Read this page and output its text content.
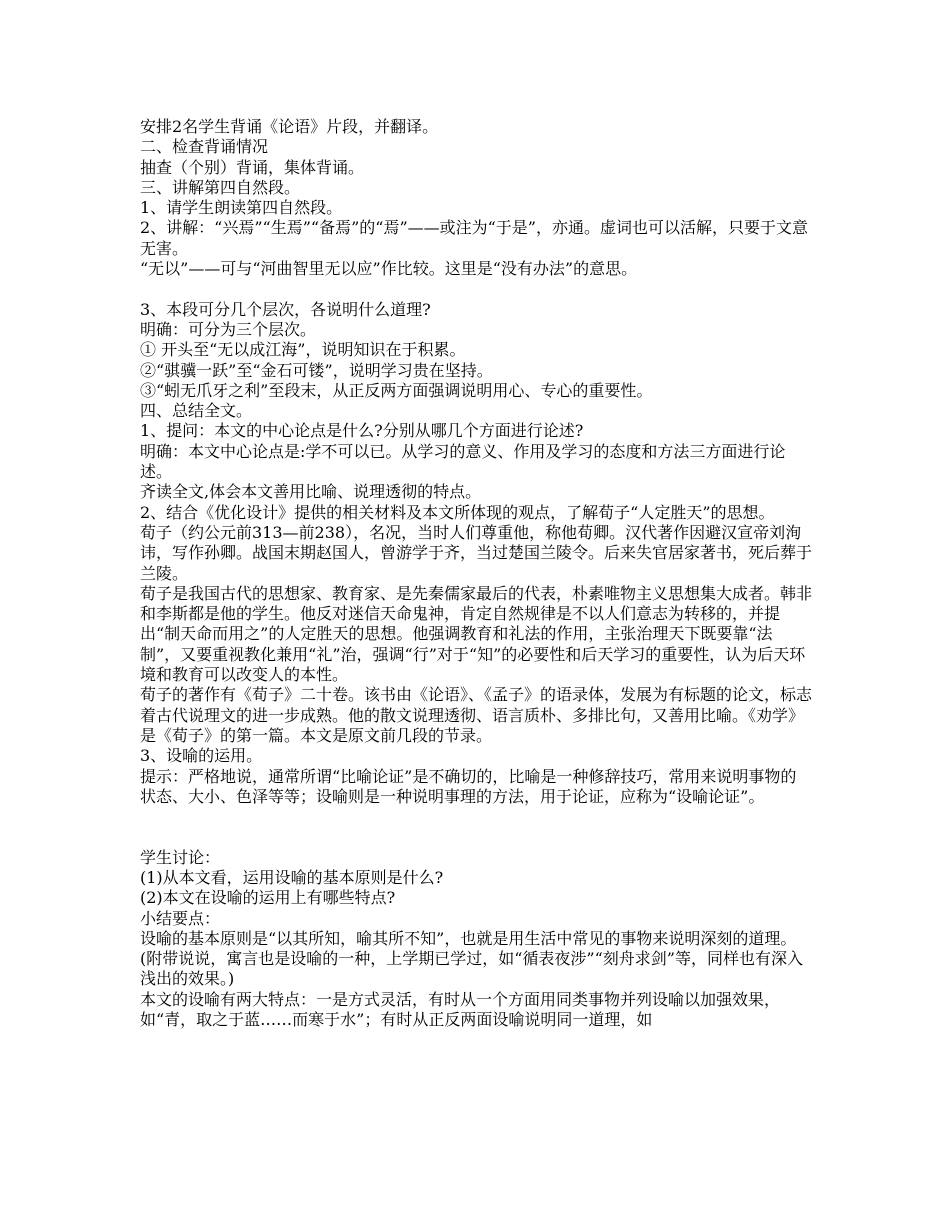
安排2名学生背诵《论语》片段，并翻译。

二、检查背诵情况

抽查（个别）背诵，集体背诵。

三、讲解第四自然段。

1、请学生朗读第四自然段。

2、讲解：“兴焉”“生焉”“备焉”的“焉”——或注为“于是”，亦通。虚词也可以活解，只要于文意无害。

“无以”——可与“河曲智里无以应”作比较。这里是“没有办法”的意思。

3、本段可分几个层次，各说明什么道理?

明确：可分为三个层次。

① 开头至“无以成江海”，说明知识在于积累。

②“骐骥一跃”至“金石可镂”，说明学习贵在坚持。

③“蚓无爪牙之利”至段末，从正反两方面强调说明用心、专心的重要性。

四、总结全文。

1、提问：本文的中心论点是什么?分别从哪几个方面进行论述?

明确：本文中心论点是:学不可以已。从学习的意义、作用及学习的态度和方法三方面进行论述。

齐读全文,体会本文善用比喻、说理透彻的特点。

2、结合《优化设计》提供的相关材料及本文所体现的观点，了解荀子“人定胜天”的思想。

荀子（约公元前313—前238），名况，当时人们尊重他，称他荀卿。汉代著作因避汉宣帝刘洵讳，写作孙卿。战国末期赵国人，曾游学于齐，当过楚国兰陵令。后来失官居家著书，死后葬于兰陵。

荀子是我国古代的思想家、教育家、是先秦儒家最后的代表，朴素唯物主义思想集大成者。韩非和李斯都是他的学生。他反对迷信天命鬼神，肯定自然规律是不以人们意志为转移的，并提出“制天命而用之”的人定胜天的思想。他强调教育和礼法的作用，主张治理天下既要靠“法制”，又要重视教化兼用“礼”治，强调“行”对于“知”的必要性和后天学习的重要性，认为后天环境和教育可以改变人的本性。

荀子的著作有《荀子》二十卷。该书由《论语》、《孟子》的语录体，发展为有标题的论文，标志着古代说理文的进一步成熟。他的散文说理透彻、语言质朴、多排比句，又善用比喻。《劝学》是《荀子》的第一篇。本文是原文前几段的节录。

3、设喻的运用。

提示：严格地说，通常所谓“比喻论证”是不确切的，比喻是一种修辞技巧，常用来说明事物的状态、大小、色泽等等；设喻则是一种说明事理的方法，用于论证，应称为“设喻论证”。

学生讨论：

(1)从本文看，运用设喻的基本原则是什么?

(2)本文在设喻的运用上有哪些特点?

小结要点：

设喻的基本原则是“以其所知，喻其所不知”，也就是用生活中常见的事物来说明深刻的道理。(附带说说，寓言也是设喻的一种，上学期已学过，如“循表夜涉”“刻舟求剑”等，同样也有深入浅出的效果。)

本文的设喻有两大特点：一是方式灵活，有时从一个方面用同类事物并列设喻以加强效果，如“青，取之于蓝……而寒于水”；有时从正反两面设喻说明同一道理，如
